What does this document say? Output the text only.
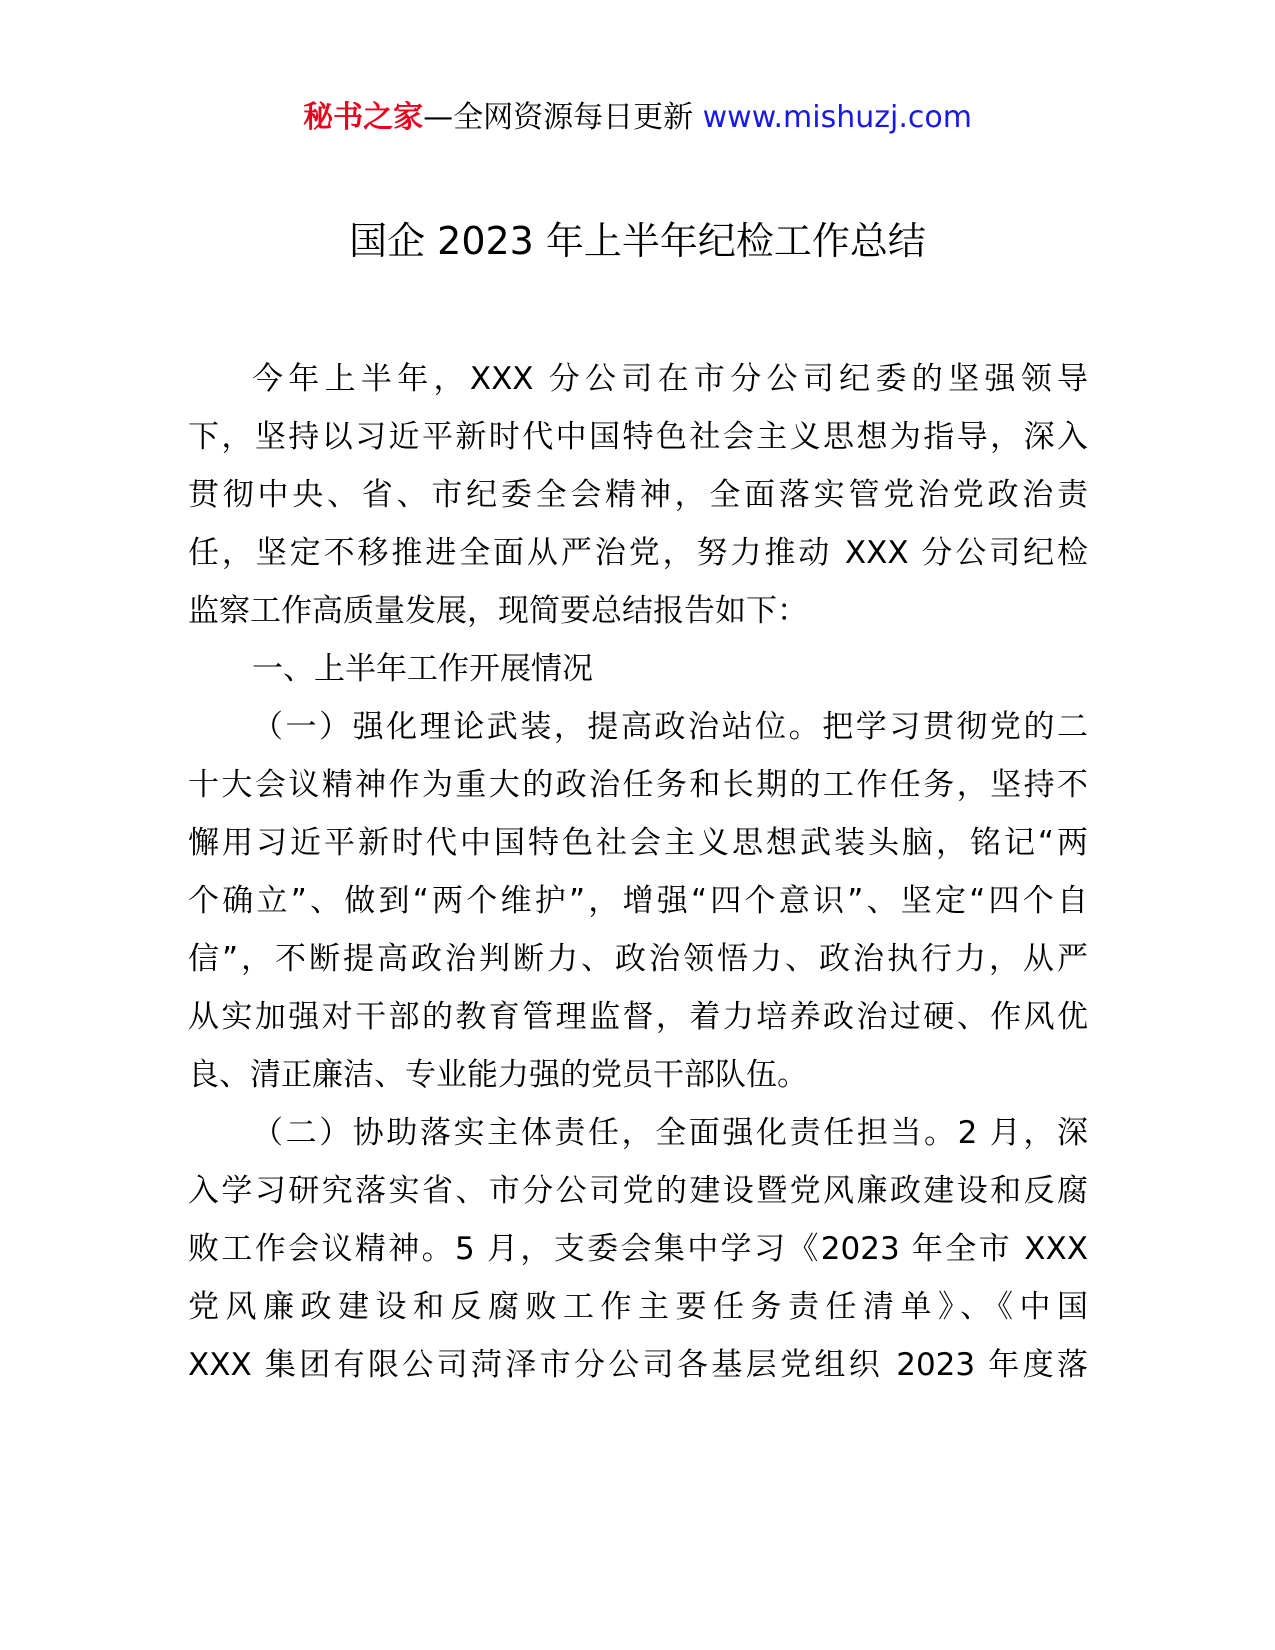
秘书之家—全网资源每日更新 www.mishuzj.com
国企 2023 年上半年纪检工作总结
今年上半年，XXX 分公司在市分公司纪委的坚强领导
下，坚持以习近平新时代中国特色社会主义思想为指导，深入
贯彻中央、省、市纪委全会精神，全面落实管党治党政治责
任，坚定不移推进全面从严治党，努力推动 XXX 分公司纪检
监察工作高质量发展，现简要总结报告如下：
一、上半年工作开展情况
（一）强化理论武装，提高政治站位。把学习贯彻党的二
十大会议精神作为重大的政治任务和长期的工作任务，坚持不
懈用习近平新时代中国特色社会主义思想武装头脑，铭记“两
个确立”、做到“两个维护”，增强“四个意识”、坚定“四个自
信”，不断提高政治判断力、政治领悟力、政治执行力，从严
从实加强对干部的教育管理监督，着力培养政治过硬、作风优
良、清正廉洁、专业能力强的党员干部队伍。
（二）协助落实主体责任，全面强化责任担当。2 月，深
入学习研究落实省、市分公司党的建设暨党风廉政建设和反腐
败工作会议精神。5 月，支委会集中学习《2023 年全市 XXX
党风廉政建设和反腐败工作主要任务责任清单》、《中国
XXX 集团有限公司菏泽市分公司各基层党组织 2023 年度落
